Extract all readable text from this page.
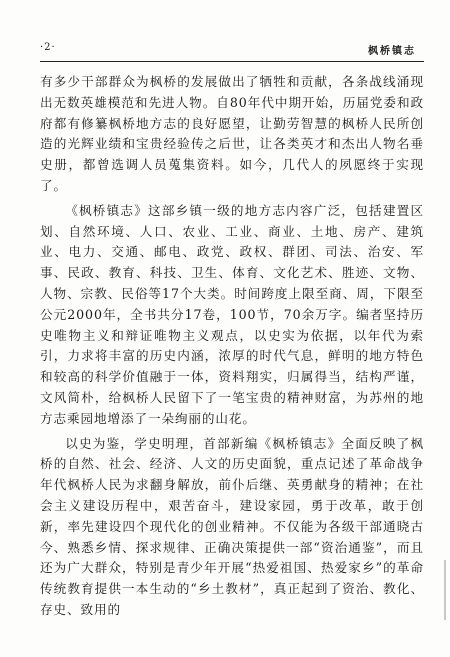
·2·	枫桥镇志

有多少干部群众为枫桥的发展做出了牺牲和贡献，各条战线涌现出无数英雄模范和先进人物。自80年代中期开始，历届党委和政府都有修纂枫桥地方志的良好愿望，让勤劳智慧的枫桥人民所创造的光辉业绩和宝贵经验传之后世，让各类英才和杰出人物名垂史册，都曾选调人员蒐集资料。如今，几代人的夙愿终于实现了。

《枫桥镇志》这部乡镇一级的地方志内容广泛，包括建置区划、自然环境、人口、农业、工业、商业、土地、房产、建筑业、电力、交通、邮电、政党、政权、群团、司法、治安、军事、民政、教育、科技、卫生、体育、文化艺术、胜迹、文物、人物、宗教、民俗等17个大类。时间跨度上限至商、周，下限至公元2000年，全书共分17卷，100节，70余万字。编者坚持历史唯物主义和辩证唯物主义观点，以史实为依据，以年代为索引，力求将丰富的历史内涵，浓厚的时代气息，鲜明的地方特色和较高的科学价值融于一体，资料翔实，归属得当，结构严谨，文风简朴，给枫桥人民留下了一笔宝贵的精神财富，为苏州的地方志乘园地增添了一朵绚丽的山花。

以史为鉴，学史明理，首部新编《枫桥镇志》全面反映了枫桥的自然、社会、经济、人文的历史面貌，重点记述了革命战争年代枫桥人民为求翻身解放，前仆后继、英勇献身的精神；在社会主义建设历程中，艰苦奋斗，建设家园，勇于改革，敢于创新，率先建设四个现代化的创业精神。不仅能为各级干部通晓古今、熟悉乡情、探求规律、正确决策提供一部“资治通鉴”，而且还为广大群众，特别是青少年开展“热爱祖国、热爱家乡”的革命传统教育提供一本生动的“乡土教材”，真正起到了资治、教化、存史、致用的
